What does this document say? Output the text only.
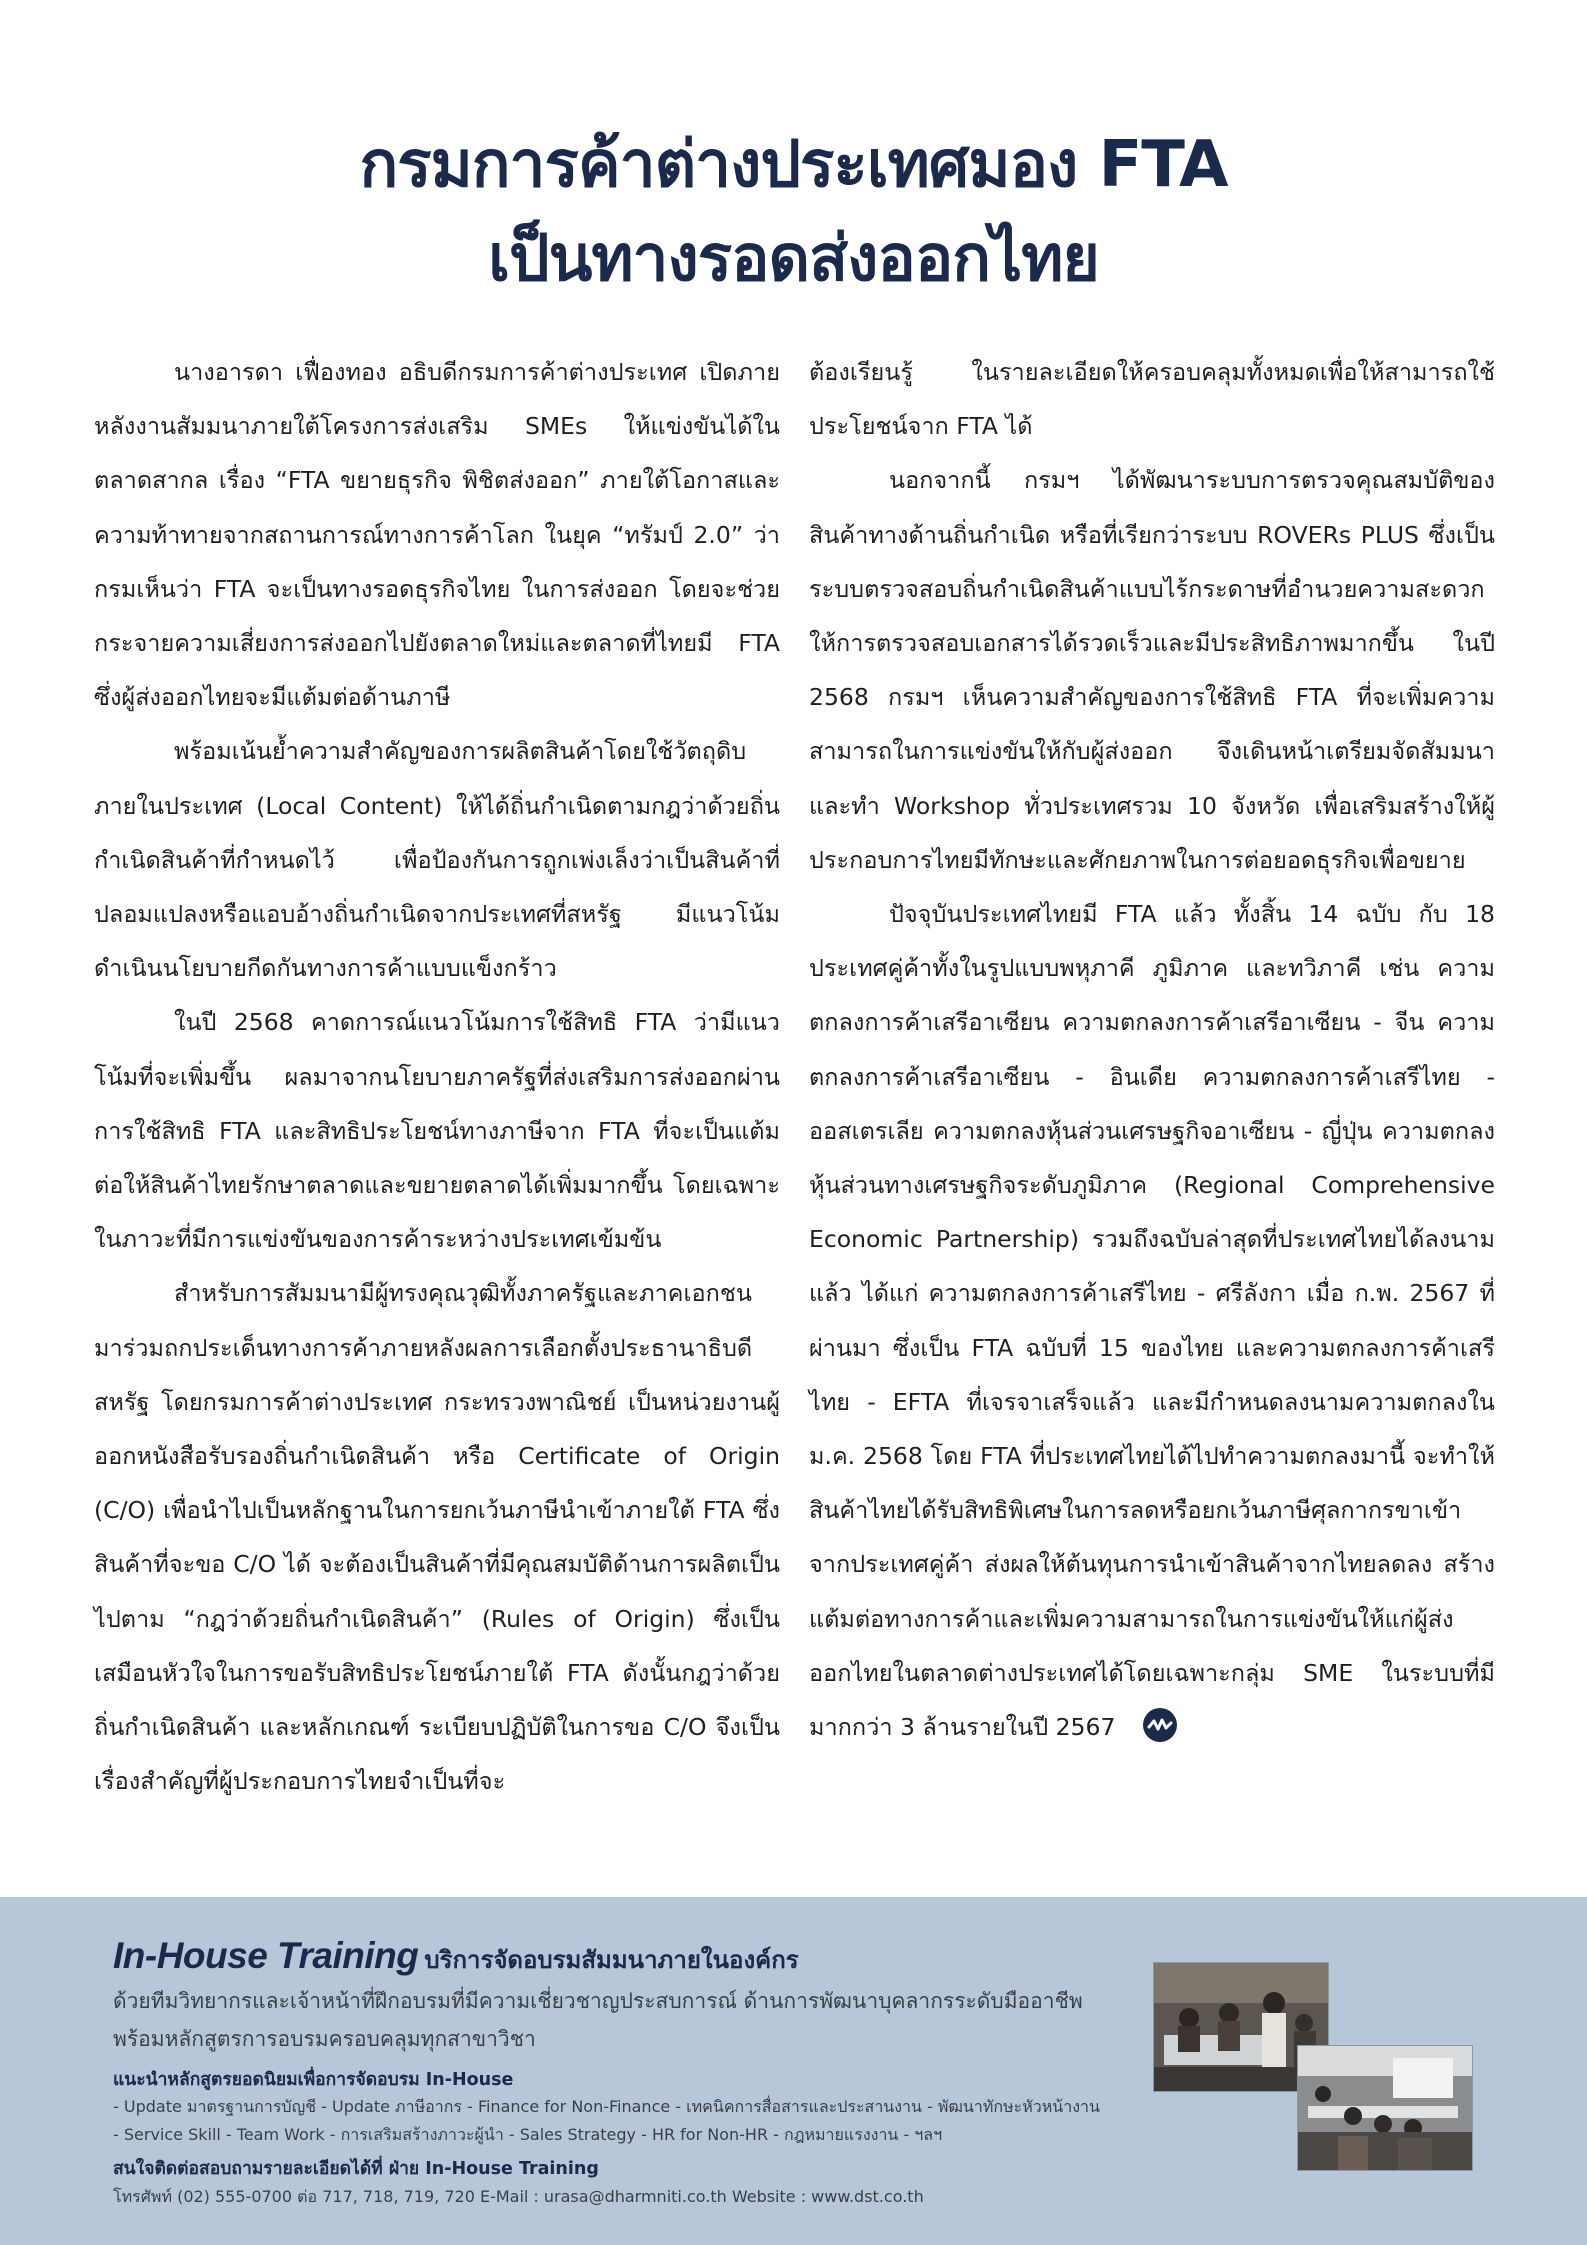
กรมการค้าต่างประเทศมอง FTA
เป็นทางรอดส่งออกไทย

นางอารดา เฟื่องทอง อธิบดีกรมการค้าต่างประเทศ เปิดภายหลังงานสัมมนาภายใต้โครงการส่งเสริม SMEs ให้แข่งขันได้ในตลาดสากล เรื่อง “FTA ขยายธุรกิจ พิชิตส่งออก” ภายใต้โอกาสและความท้าทายจากสถานการณ์ทางการค้าโลก ในยุค “ทรัมป์ 2.0” ว่า กรมเห็นว่า FTA จะเป็นทางรอดธุรกิจไทย ในการส่งออก โดยจะช่วยกระจายความเสี่ยงการส่งออกไปยังตลาดใหม่และตลาดที่ไทยมี FTA ซึ่งผู้ส่งออกไทยจะมีแต้มต่อด้านภาษี

พร้อมเน้นย้ำความสำคัญของการผลิตสินค้าโดยใช้วัตถุดิบภายในประเทศ (Local Content) ให้ได้ถิ่นกำเนิดตามกฎว่าด้วยถิ่นกำเนิดสินค้าที่กำหนดไว้ เพื่อป้องกันการถูกเพ่งเล็งว่าเป็นสินค้าที่ปลอมแปลงหรือแอบอ้างถิ่นกำเนิดจากประเทศที่สหรัฐ มีแนวโน้มดำเนินนโยบายกีดกันทางการค้าแบบแข็งกร้าว

ในปี 2568 คาดการณ์แนวโน้มการใช้สิทธิ FTA ว่ามีแนวโน้มที่จะเพิ่มขึ้น ผลมาจากนโยบายภาครัฐที่ส่งเสริมการส่งออกผ่านการใช้สิทธิ FTA และสิทธิประโยชน์ทางภาษีจาก FTA ที่จะเป็นแต้มต่อให้สินค้าไทยรักษาตลาดและขยายตลาดได้เพิ่มมากขึ้น โดยเฉพาะในภาวะที่มีการแข่งขันของการค้าระหว่างประเทศเข้มข้น

สำหรับการสัมมนามีผู้ทรงคุณวุฒิทั้งภาครัฐและภาคเอกชนมาร่วมถกประเด็นทางการค้าภายหลังผลการเลือกตั้งประธานาธิบดีสหรัฐ โดยกรมการค้าต่างประเทศ กระทรวงพาณิชย์ เป็นหน่วยงานผู้ออกหนังสือรับรองถิ่นกำเนิดสินค้า หรือ Certificate of Origin (C/O) เพื่อนำไปเป็นหลักฐานในการยกเว้นภาษีนำเข้าภายใต้ FTA ซึ่งสินค้าที่จะขอ C/O ได้ จะต้องเป็นสินค้าที่มีคุณสมบัติด้านการผลิตเป็นไปตาม “กฎว่าด้วยถิ่นกำเนิดสินค้า” (Rules of Origin) ซึ่งเป็นเสมือนหัวใจในการขอรับสิทธิประโยชน์ภายใต้ FTA ดังนั้นกฎว่าด้วยถิ่นกำเนิดสินค้า และหลักเกณฑ์ ระเบียบปฏิบัติในการขอ C/O จึงเป็นเรื่องสำคัญที่ผู้ประกอบการไทยจำเป็นที่จะ

ต้องเรียนรู้ ในรายละเอียดให้ครอบคลุมทั้งหมดเพื่อให้สามารถใช้ประโยชน์จาก FTA ได้

นอกจากนี้ กรมฯ ได้พัฒนาระบบการตรวจคุณสมบัติของสินค้าทางด้านถิ่นกำเนิด หรือที่เรียกว่าระบบ ROVERs PLUS ซึ่งเป็นระบบตรวจสอบถิ่นกำเนิดสินค้าแบบไร้กระดาษที่อำนวยความสะดวกให้การตรวจสอบเอกสารได้รวดเร็วและมีประสิทธิภาพมากขึ้น ในปี 2568 กรมฯ เห็นความสำคัญของการใช้สิทธิ FTA ที่จะเพิ่มความสามารถในการแข่งขันให้กับผู้ส่งออก จึงเดินหน้าเตรียมจัดสัมมนาและทำ Workshop ทั่วประเทศรวม 10 จังหวัด เพื่อเสริมสร้างให้ผู้ประกอบการไทยมีทักษะและศักยภาพในการต่อยอดธุรกิจเพื่อขยาย

ปัจจุบันประเทศไทยมี FTA แล้ว ทั้งสิ้น 14 ฉบับ กับ 18 ประเทศคู่ค้าทั้งในรูปแบบพหุภาคี ภูมิภาค และทวิภาคี เช่น ความตกลงการค้าเสรีอาเซียน ความตกลงการค้าเสรีอาเซียน - จีน ความตกลงการค้าเสรีอาเซียน - อินเดีย ความตกลงการค้าเสรีไทย - ออสเตรเลีย ความตกลงหุ้นส่วนเศรษฐกิจอาเซียน - ญี่ปุ่น ความตกลงหุ้นส่วนทางเศรษฐกิจระดับภูมิภาค (Regional Comprehensive Economic Partnership) รวมถึงฉบับล่าสุดที่ประเทศไทยได้ลงนามแล้ว ได้แก่ ความตกลงการค้าเสรีไทย - ศรีลังกา เมื่อ ก.พ. 2567 ที่ผ่านมา ซึ่งเป็น FTA ฉบับที่ 15 ของไทย และความตกลงการค้าเสรีไทย - EFTA ที่เจรจาเสร็จแล้ว และมีกำหนดลงนามความตกลงใน ม.ค. 2568 โดย FTA ที่ประเทศไทยได้ไปทำความตกลงมานี้ จะทำให้สินค้าไทยได้รับสิทธิพิเศษในการลดหรือยกเว้นภาษีศุลกากรขาเข้าจากประเทศคู่ค้า ส่งผลให้ต้นทุนการนำเข้าสินค้าจากไทยลดลง สร้างแต้มต่อทางการค้าและเพิ่มความสามารถในการแข่งขันให้แก่ผู้ส่งออกไทยในตลาดต่างประเทศได้โดยเฉพาะกลุ่ม SME ในระบบที่มีมากกว่า 3 ล้านรายในปี 2567

In-House Training บริการจัดอบรมสัมมนาภายในองค์กร
ด้วยทีมวิทยากรและเจ้าหน้าที่ฝึกอบรมที่มีความเชี่ยวชาญประสบการณ์ ด้านการพัฒนาบุคลากรระดับมืออาชีพ
พร้อมหลักสูตรการอบรมครอบคลุมทุกสาขาวิชา
แนะนำหลักสูตรยอดนิยมเพื่อการจัดอบรม In-House
- Update มาตรฐานการบัญชี - Update ภาษีอากร - Finance for Non-Finance - เทคนิคการสื่อสารและประสานงาน - พัฒนาทักษะหัวหน้างาน
- Service Skill - Team Work - การเสริมสร้างภาวะผู้นำ - Sales Strategy - HR for Non-HR - กฎหมายแรงงาน - ฯลฯ
สนใจติดต่อสอบถามรายละเอียดได้ที่ ฝ่าย In-House Training
โทรศัพท์ (02) 555-0700 ต่อ 717, 718, 719, 720 E-Mail : urasa@dharmniti.co.th Website : www.dst.co.th
